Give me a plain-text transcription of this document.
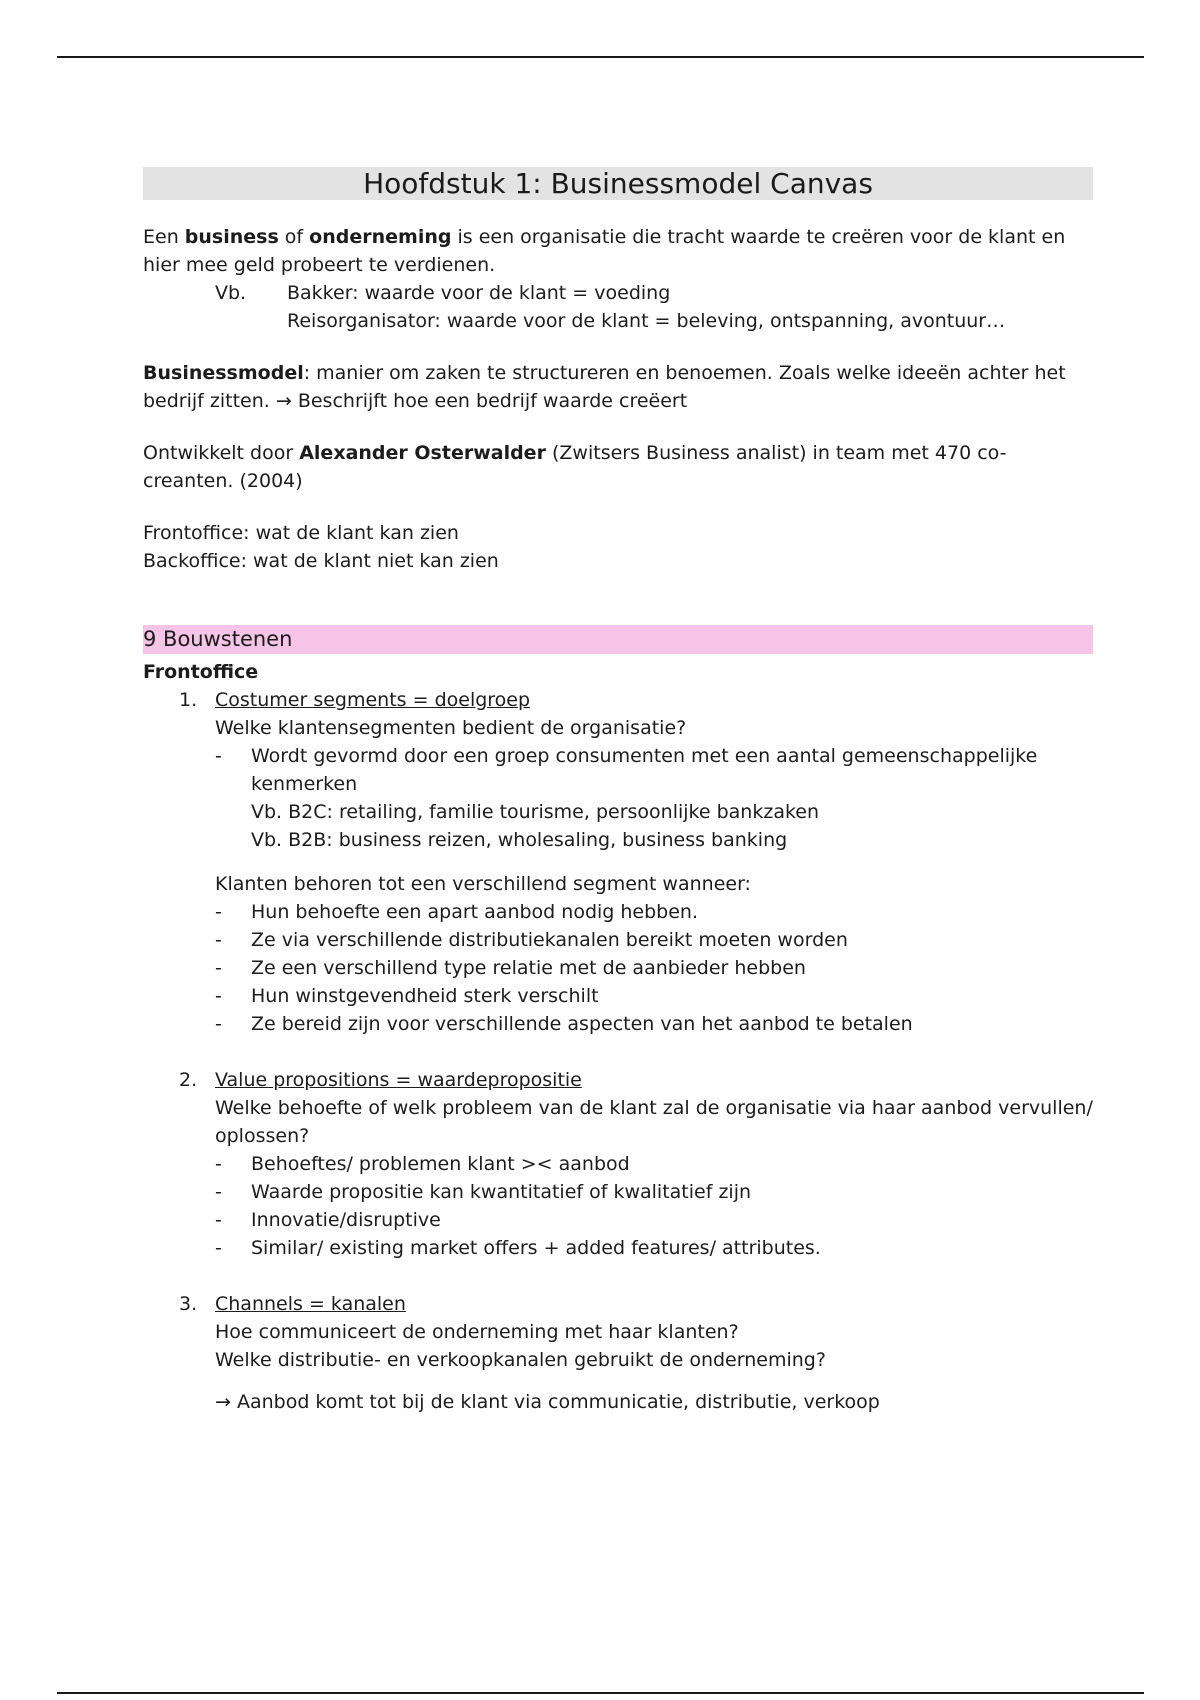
Hoofdstuk 1: Businessmodel Canvas

Een business of onderneming is een organisatie die tracht waarde te creëren voor de klant en hier mee geld probeert te verdienen.

Vb.	Bakker: waarde voor de klant = voeding

Reisorganisator: waarde voor de klant = beleving, ontspanning, avontuur…

Businessmodel: manier om zaken te structureren en benoemen. Zoals welke ideeën achter het bedrijf zitten. → Beschrijft hoe een bedrijf waarde creëert

Ontwikkelt door Alexander Osterwalder (Zwitsers Business analist) in team met 470 co-creanten. (2004)

Frontoffice: wat de klant kan zien

Backoffice: wat de klant niet kan zien

9 Bouwstenen

Frontoffice

1. Costumer segments = doelgroep

Welke klantensegmenten bedient de organisatie?

- Wordt gevormd door een groep consumenten met een aantal gemeenschappelijke kenmerken

Vb. B2C: retailing, familie tourisme, persoonlijke bankzaken

Vb. B2B: business reizen, wholesaling, business banking

Klanten behoren tot een verschillend segment wanneer:

- Hun behoefte een apart aanbod nodig hebben.
- Ze via verschillende distributiekanalen bereikt moeten worden
- Ze een verschillend type relatie met de aanbieder hebben
- Hun winstgevendheid sterk verschilt
- Ze bereid zijn voor verschillende aspecten van het aanbod te betalen
2. Value propositions = waardepropositie

Welke behoefte of welk probleem van de klant zal de organisatie via haar aanbod vervullen/ oplossen?

- Behoeftes/ problemen klant >< aanbod
- Waarde propositie kan kwantitatief of kwalitatief zijn
- Innovatie/disruptive
- Similar/ existing market offers + added features/ attributes.
3. Channels = kanalen

Hoe communiceert de onderneming met haar klanten?

Welke distributie- en verkoopkanalen gebruikt de onderneming?

→ Aanbod komt tot bij de klant via communicatie, distributie, verkoop
